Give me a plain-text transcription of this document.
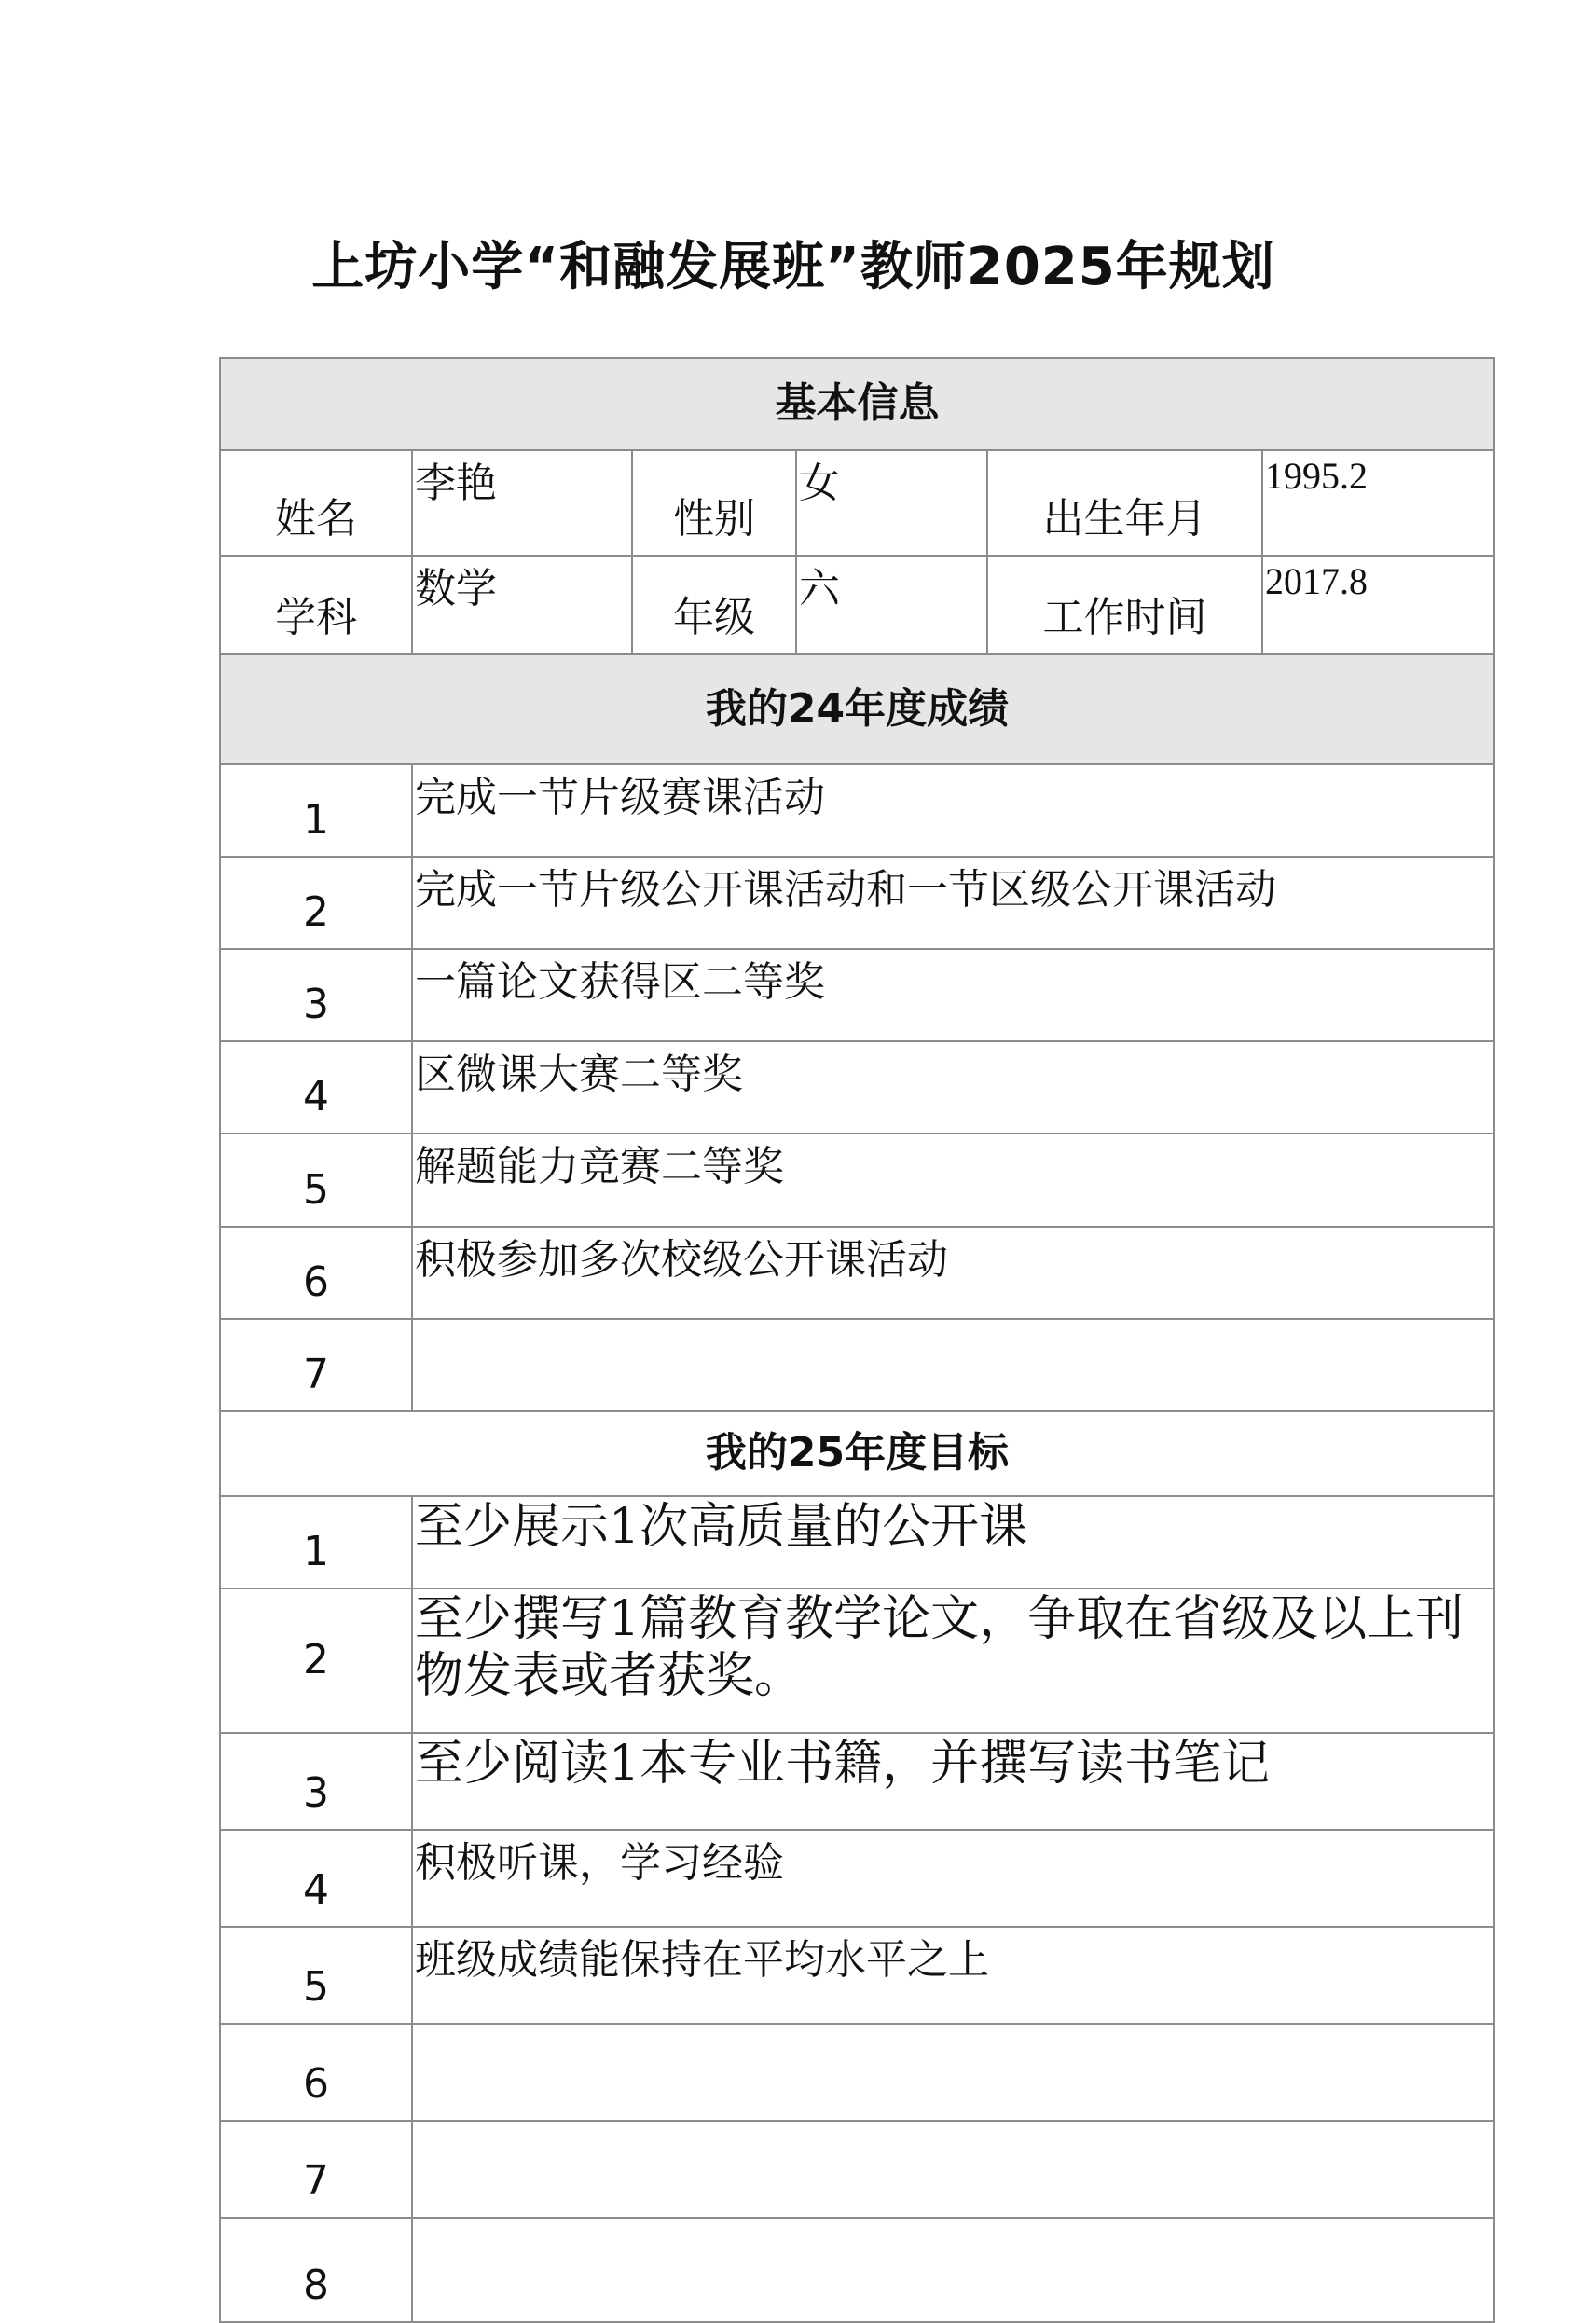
上坊小学“和融发展班”教师2025年规划
基本信息					
姓名	李艳	性别	女	出生年月	1995.2
学科	数学	年级	六	工作时间	2017.8
我的24年度成绩					
1	完成一节片级赛课活动				
2	完成一节片级公开课活动和一节区级公开课活动				
3	一篇论文获得区二等奖				
4	区微课大赛二等奖				
5	解题能力竞赛二等奖				
6	积极参加多次校级公开课活动				
7					
我的25年度目标					
1	至少展示1次高质量的公开课				
2	至少撰写1篇教育教学论文，争取在省级及以上刊物发表或者获奖。				
3	至少阅读1本专业书籍，并撰写读书笔记				
4	积极听课，学习经验				
5	班级成绩能保持在平均水平之上				
6					
7					
8					
